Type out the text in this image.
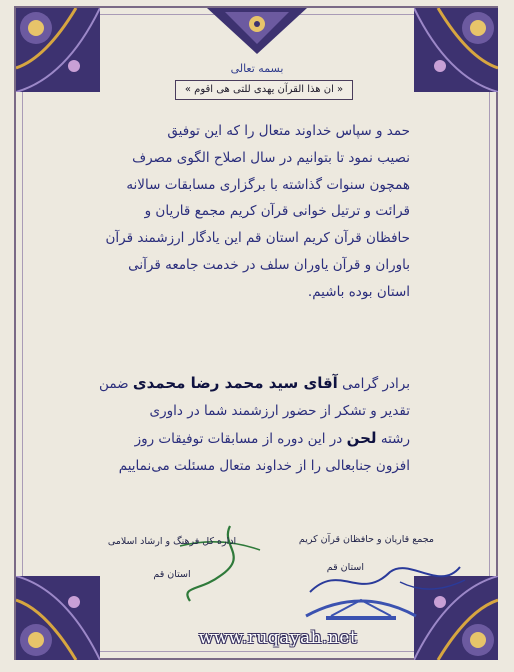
بسمه تعالی
« ان هذا القرآن يهدی للتی هی اقوم »
حمد و سپاس خداوند متعال را که این توفیق
نصیب نمود تا بتوانیم در سال اصلاح الگوی مصرف
همچون سنوات گذاشته با برگزاری مسابقات سالانه
قرائت و ترتیل خوانی قرآن کریم مجمع قاریان و
حافظان قرآن کریم استان قم این یادگار ارزشمند قرآن
باوران و قرآن یاوران سلف در خدمت جامعه قرآنی
استان بوده باشیم.
برادر گرامی آقای سید محمد رضا محمدی ضمن
تقدیر و تشکر از حضور ارزشمند شما در داوری
رشته لحن در این دوره از مسابقات توفیقات روز
افزون جنابعالی را از خداوند متعال مسئلت می‌نماییم
مجمع قاریان و حافظان قرآن کریم
استان قم
اداره کل فرهنگ و ارشاد اسلامی
استان قم
www.ruqayah.net
